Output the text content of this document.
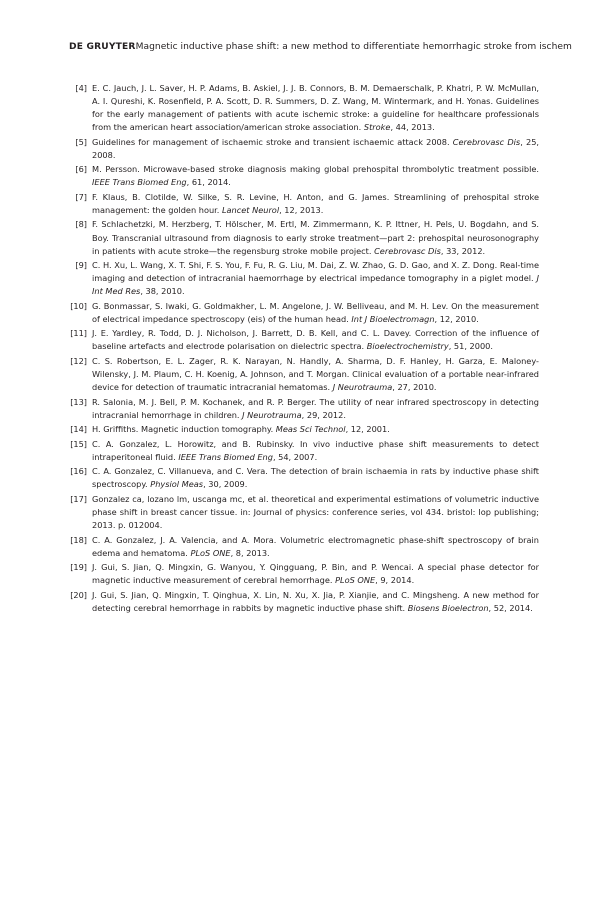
DE GRUYTERMagnetic inductive phase shift: a new method to differentiate hemorrhagic stroke from ischem
[4] E. C. Jauch, J. L. Saver, H. P. Adams, B. Askiel, J. J. B. Connors, B. M. Demaerschalk, P. Khatri, P. W. McMullan, A. I. Qureshi, K. Rosenfield, P. A. Scott, D. R. Summers, D. Z. Wang, M. Wintermark, and H. Yonas. Guidelines for the early management of patients with acute ischemic stroke: a guideline for healthcare professionals from the american heart association/american stroke association. Stroke, 44, 2013.
[5] Guidelines for management of ischaemic stroke and transient ischaemic attack 2008. Cerebrovasc Dis, 25, 2008.
[6] M. Persson. Microwave-based stroke diagnosis making global prehospital thrombolytic treatment possible. IEEE Trans Biomed Eng, 61, 2014.
[7] F. Klaus, B. Clotilde, W. Silke, S. R. Levine, H. Anton, and G. James. Streamlining of prehospital stroke management: the golden hour. Lancet Neurol, 12, 2013.
[8] F. Schlachetzki, M. Herzberg, T. Hölscher, M. Ertl, M. Zimmermann, K. P. Ittner, H. Pels, U. Bogdahn, and S. Boy. Transcranial ultrasound from diagnosis to early stroke treatment—part 2: prehospital neurosonography in patients with acute stroke—the regensburg stroke mobile project. Cerebrovasc Dis, 33, 2012.
[9] C. H. Xu, L. Wang, X. T. Shi, F. S. You, F. Fu, R. G. Liu, M. Dai, Z. W. Zhao, G. D. Gao, and X. Z. Dong. Real-time imaging and detection of intracranial haemorrhage by electrical impedance tomography in a piglet model. J Int Med Res, 38, 2010.
[10] G. Bonmassar, S. Iwaki, G. Goldmakher, L. M. Angelone, J. W. Belliveau, and M. H. Lev. On the measurement of electrical impedance spectroscopy (eis) of the human head. Int J Bioelectromagn, 12, 2010.
[11] J. E. Yardley, R. Todd, D. J. Nicholson, J. Barrett, D. B. Kell, and C. L. Davey. Correction of the influence of baseline artefacts and electrode polarisation on dielectric spectra. Bioelectrochemistry, 51, 2000.
[12] C. S. Robertson, E. L. Zager, R. K. Narayan, N. Handly, A. Sharma, D. F. Hanley, H. Garza, E. Maloney-Wilensky, J. M. Plaum, C. H. Koenig, A. Johnson, and T. Morgan. Clinical evaluation of a portable near-infrared device for detection of traumatic intracranial hematomas. J Neurotrauma, 27, 2010.
[13] R. Salonia, M. J. Bell, P. M. Kochanek, and R. P. Berger. The utility of near infrared spectroscopy in detecting intracranial hemorrhage in children. J Neurotrauma, 29, 2012.
[14] H. Griffiths. Magnetic induction tomography. Meas Sci Technol, 12, 2001.
[15] C. A. Gonzalez, L. Horowitz, and B. Rubinsky. In vivo inductive phase shift measurements to detect intraperitoneal fluid. IEEE Trans Biomed Eng, 54, 2007.
[16] C. A. Gonzalez, C. Villanueva, and C. Vera. The detection of brain ischaemia in rats by inductive phase shift spectroscopy. Physiol Meas, 30, 2009.
[17] Gonzalez ca, lozano lm, uscanga mc, et al. theoretical and experimental estimations of volumetric inductive phase shift in breast cancer tissue. in: Journal of physics: conference series, vol 434. bristol: Iop publishing; 2013. p. 012004.
[18] C. A. Gonzalez, J. A. Valencia, and A. Mora. Volumetric electromagnetic phase-shift spectroscopy of brain edema and hematoma. PLoS ONE, 8, 2013.
[19] J. Gui, S. Jian, Q. Mingxin, G. Wanyou, Y. Qingguang, P. Bin, and P. Wencai. A special phase detector for magnetic inductive measurement of cerebral hemorrhage. PLoS ONE, 9, 2014.
[20] J. Gui, S. Jian, Q. Mingxin, T. Qinghua, X. Lin, N. Xu, X. Jia, P. Xianjie, and C. Mingsheng. A new method for detecting cerebral hemorrhage in rabbits by magnetic inductive phase shift. Biosens Bioelectron, 52, 2014.
